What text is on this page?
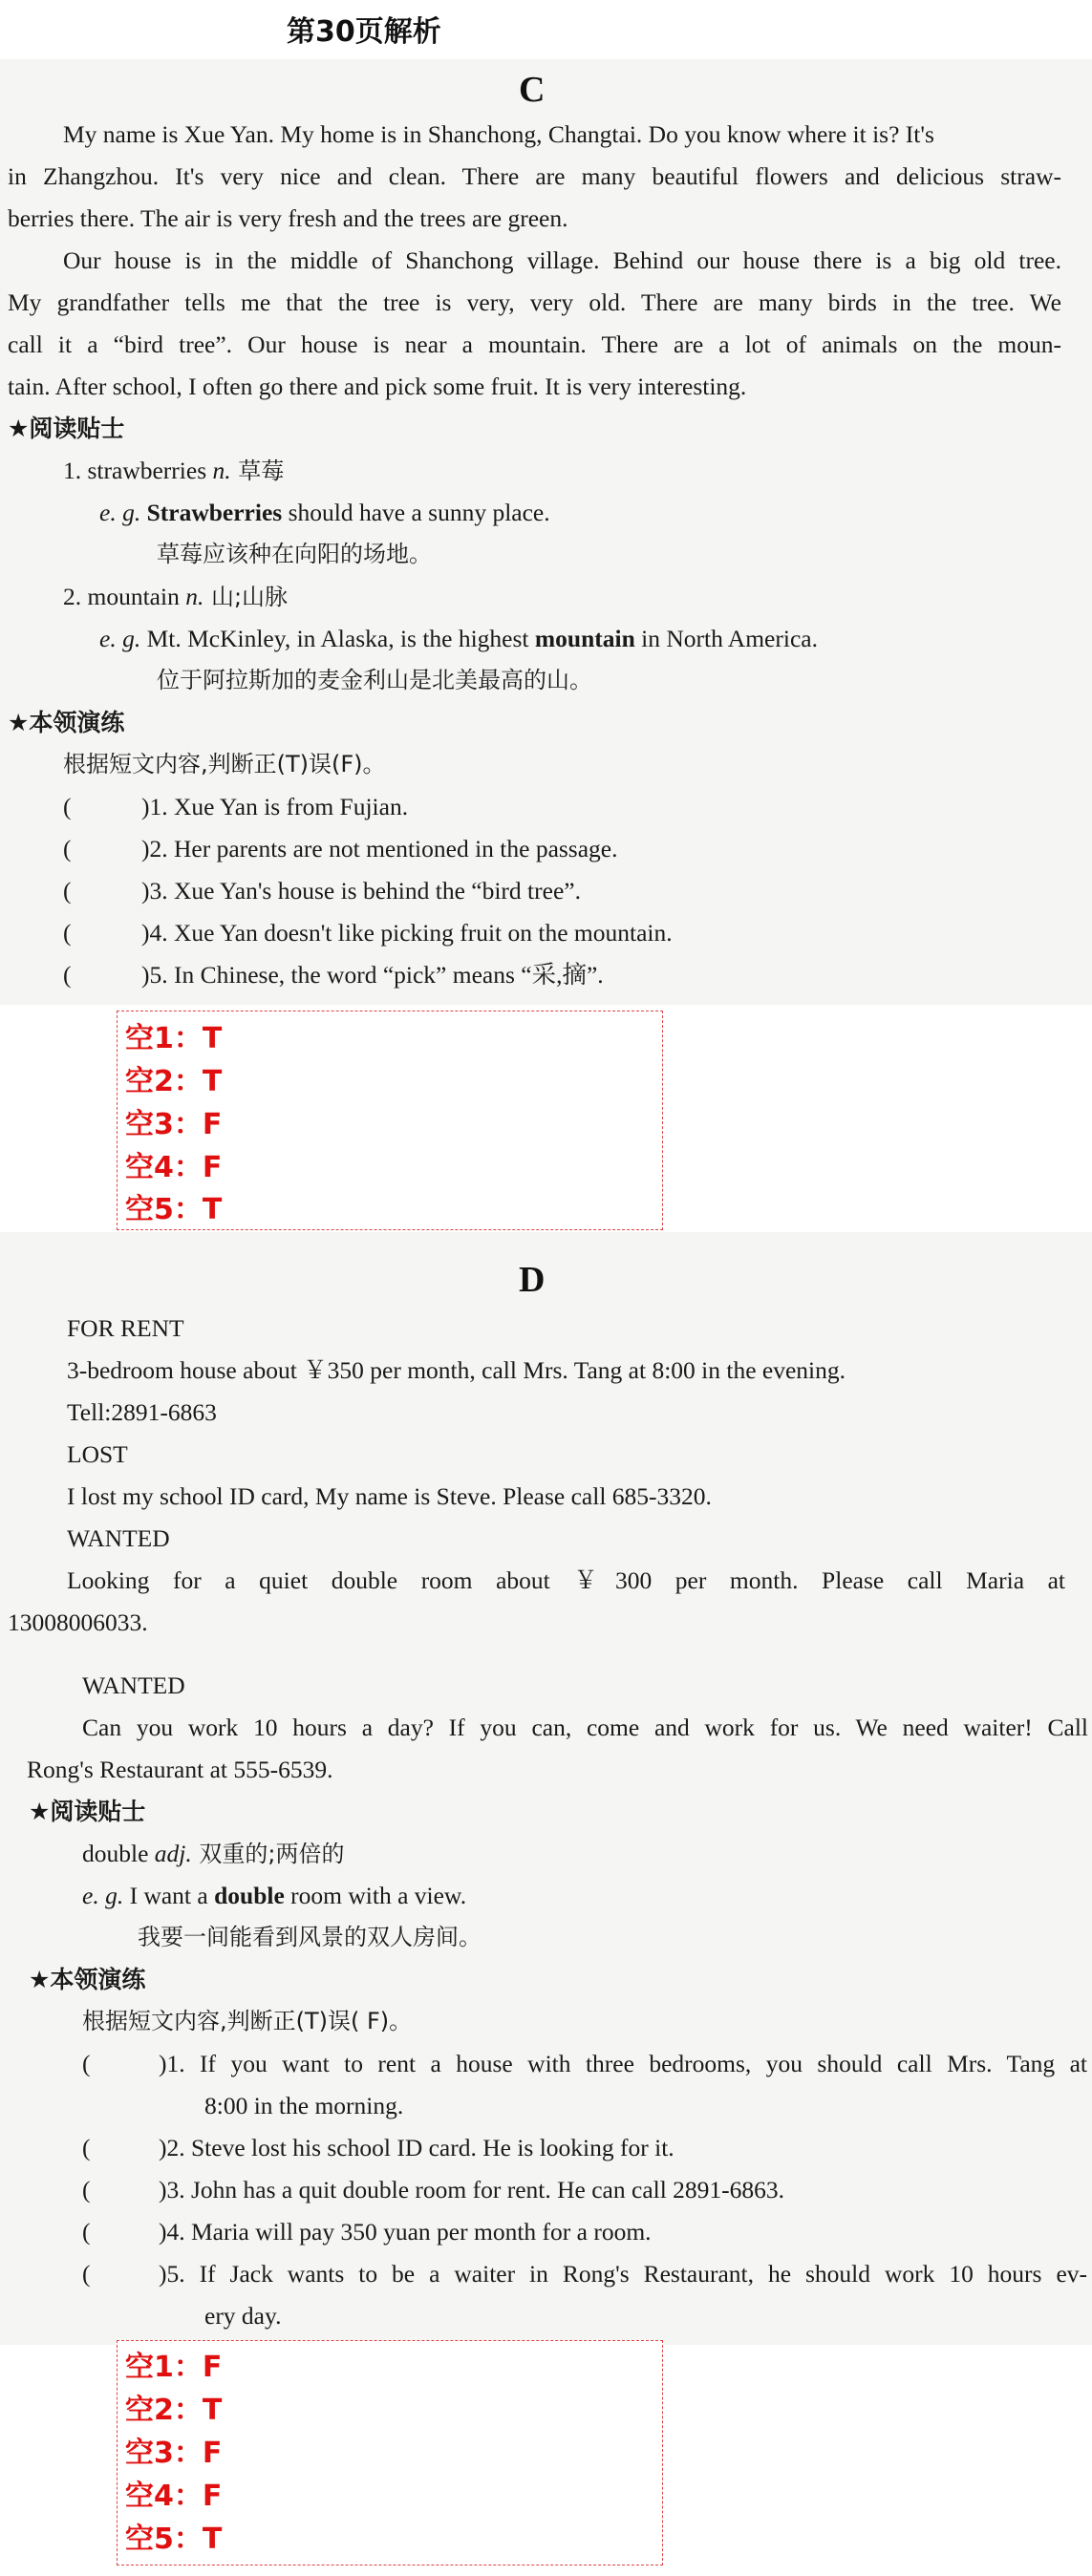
第30页解析
C
My name is Xue Yan. My home is in Shanchong, Changtai. Do you know where it is? It's
in Zhangzhou. It's very nice and clean. There are many beautiful flowers and delicious straw-
berries there. The air is very fresh and the trees are green.
Our house is in the middle of Shanchong village. Behind our house there is a big old tree.
My grandfather tells me that the tree is very, very old. There are many birds in the tree. We
call it a “bird tree”. Our house is near a mountain. There are a lot of animals on the moun-
tain. After school, I often go there and pick some fruit. It is very interesting.
★阅读贴士
1. strawberries n. 草莓
e. g. Strawberries should have a sunny place.
草莓应该种在向阳的场地。
2. mountain n. 山;山脉
e. g. Mt. McKinley, in Alaska, is the highest mountain in North America.
位于阿拉斯加的麦金利山是北美最高的山。
★本领演练
根据短文内容,判断正(T)误(F)。
(	)1. Xue Yan is from Fujian.
(	)2. Her parents are not mentioned in the passage.
(	)3. Xue Yan's house is behind the “bird tree”.
(	)4. Xue Yan doesn't like picking fruit on the mountain.
(	)5. In Chinese, the word “pick” means “采,摘”.
空1：T
空2：T
空3：F
空4：F
空5：T
D
FOR RENT
3-bedroom house about ￥350 per month, call Mrs. Tang at 8:00 in the evening.
Tell:2891-6863
LOST
I lost my school ID card, My name is Steve. Please call 685-3320.
WANTED
Looking for a quiet double room about ￥300 per month. Please call Maria at
13008006033.
WANTED
Can you work 10 hours a day? If you can, come and work for us. We need waiter! Call
Rong's Restaurant at 555-6539.
★阅读贴士
double adj. 双重的;两倍的
e. g. I want a double room with a view.
我要一间能看到风景的双人房间。
★本领演练
根据短文内容,判断正(T)误( F)。
(	)1. If you want to rent a house with three bedrooms, you should call Mrs. Tang at
8:00 in the morning.
(	)2. Steve lost his school ID card. He is looking for it.
(	)3. John has a quit double room for rent. He can call 2891-6863.
(	)4. Maria will pay 350 yuan per month for a room.
(	)5. If Jack wants to be a waiter in Rong's Restaurant, he should work 10 hours ev-
ery day.
空1：F
空2：T
空3：F
空4：F
空5：T
